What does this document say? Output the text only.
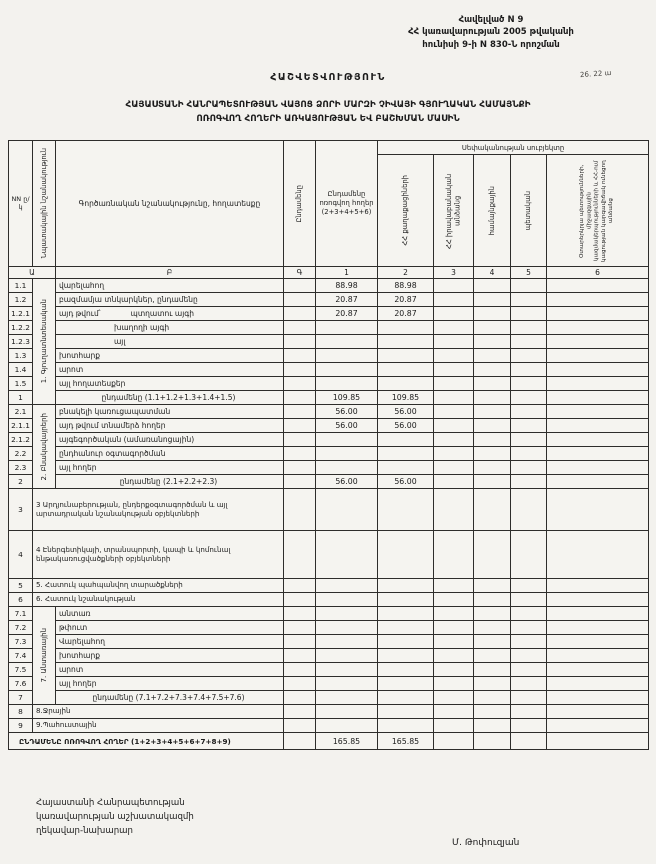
Հավելված N 9
ՀՀ կառավարության 2005 թվականի
հունիսի 9-ի N 830-Ն որոշման
ՀԱՇՎԵՏՎՈՒԹՅՈՒՆ	26. 22 ա
ՀԱՅԱՍՏԱՆԻ ՀԱՆՐԱՊԵՏՈՒԹՅԱՆ ՎԱՅՈՑ ՁՈՐԻ ՄԱՐԶԻ ՉԻՎԱՅԻ ԳՅՈՒՂԱԿԱՆ ՀԱՄԱՅՆՔԻ
ՈՌՈԳՎՈՂ ՀՈՂԵՐԻ ԱՌԿԱՅՈՒԹՅԱՆ ԵՎ ԲԱՇԽՄԱՆ ՄԱՍԻՆ
NN ը/կ	Նպատակային նշանակություն	Գործառնական նշանակությունը, հողատեսքը	Ընդամենը	Ընդամենը ոռոգվող հողեր (2+3+4+5+6)	Սեփականության սուբյեկտը				

					ՀՀ քաղաքացիների	ՀՀ իրավաբանական անձանց	համայնքային	պետական	Օտարերկրյա պետությունների, միջազգային կազմակերպությունների և ՀՀ-ում կացության կարգավիճակ ունեցող անձանց

Ա		Բ	Գ	1	2	3	4	5	6
1.1	1. Գյուղատնտեսական	վարելահող		88.98	88.98				
1.2		բազմամյա տնկարկներ, ընդամենը		20.87	20.87				
1.2.1		այդ թվում՝ պտղատու այգի		20.87	20.87				
1.2.2		խաղողի այգի							
1.2.3		այլ							
1.3		խոտհարք							
1.4		արոտ							
1.5		այլ հողատեսքեր							
1		ընդամենը (1.1+1.2+1.3+1.4+1.5)		109.85	109.85				
2.1	2. Բնակավայրերի	բնակելի կառուցապատման		56.00	56.00				
2.1.1		այդ թվում տնամերձ հողեր		56.00	56.00				
2.1.2		այգեգործական (ամառանոցային)							
2.2		ընդհանուր օգտագործման							
2.3		այլ հողեր							
2		ընդամենը (2.1+2.2+2.3)		56.00	56.00				
3	3 Արդյունաբերության, ընդերքօգտագործման և այլ արտադրական նշանակության օբյեկտների								
4	4 Էներգետիկայի, տրանսպորտի, կապի և կոմունալ ենթակառուցվածքների օբյեկտների								
5	5. Հատուկ պահպանվող տարածքների								
6	6. Հատուկ նշանակության								
7.1	7. Անտառային	անտառ							
7.2		թփուտ							
7.3		Վարելահող							
7.4		խոտհարք							
7.5		արոտ							
7.6		այլ հողեր							
7		ընդամենը (7.1+7.2+7.3+7.4+7.5+7.6)							
8	8.Ջրային								
9	9.Պահուստային								
ԸՆԴԱՄԵՆԸ ՈՌՈԳՎՈՂ ՀՈՂԵՐ (1+2+3+4+5+6+7+8+9)				165.85	165.85				
Հայաստանի Հանրապետության
կառավարության աշխատակազմի
ղեկավար-նախարար
Մ. Թոփուզյան
